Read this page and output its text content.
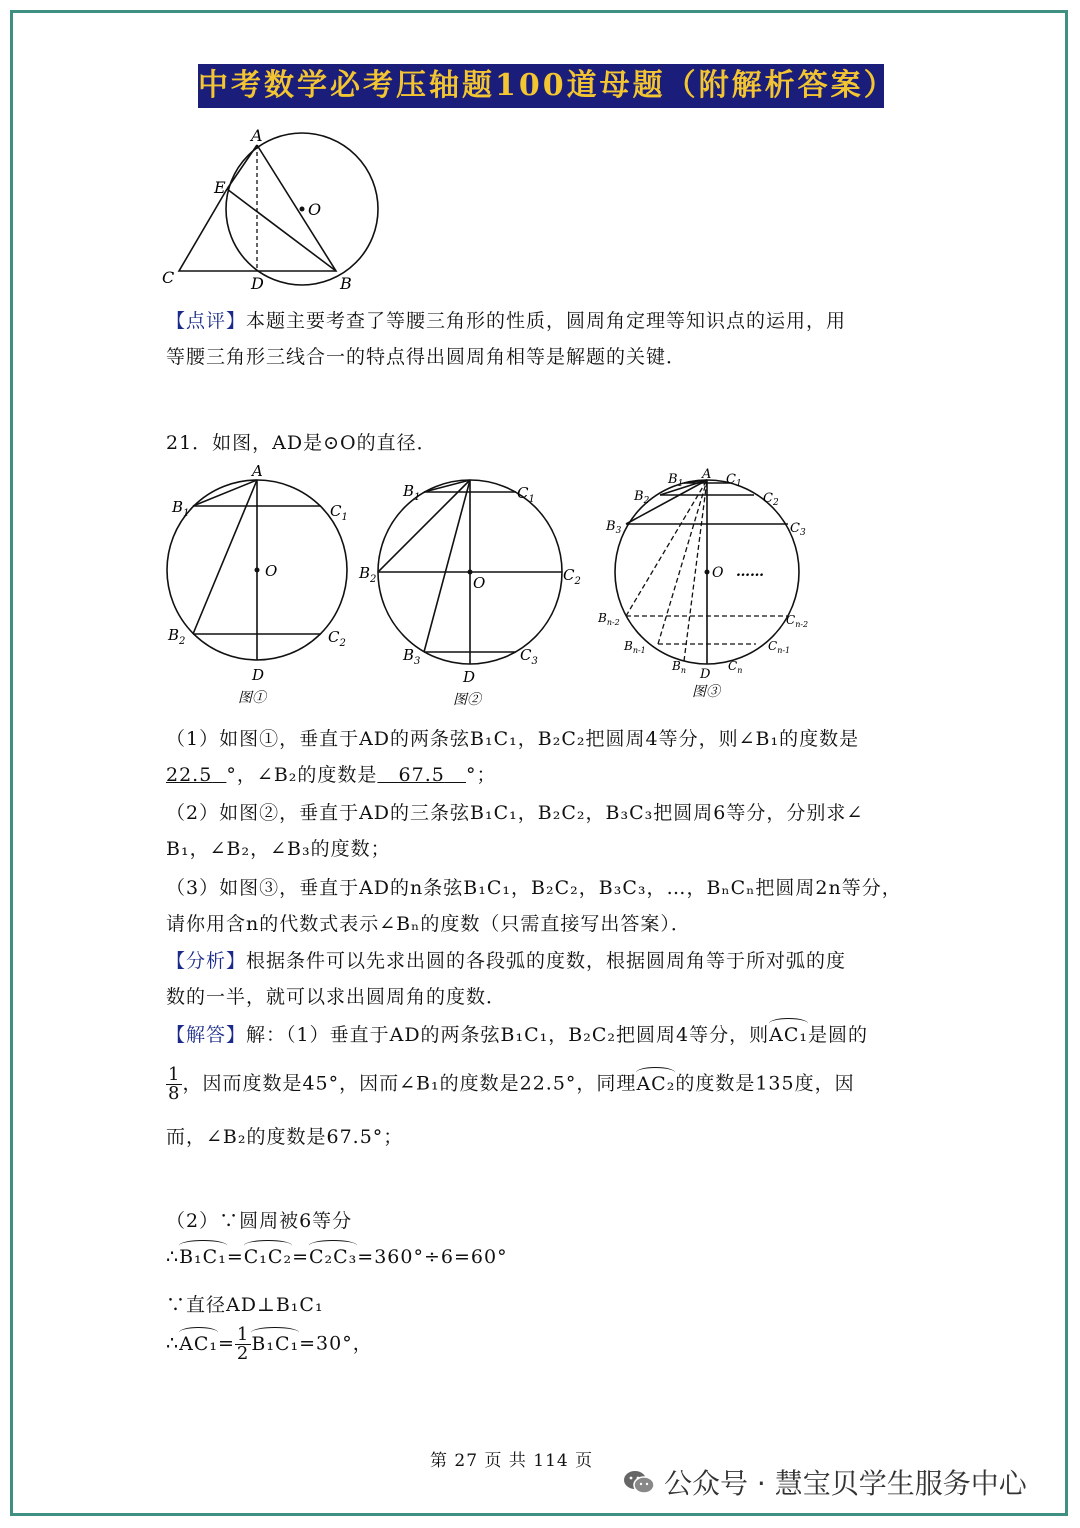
中考数学必考压轴题100道母题（附解析答案）
A
E
O
C	D	B
【点评】本题主要考查了等腰三角形的性质，圆周角定理等知识点的运用，用
等腰三角形三线合一的特点得出圆周角相等是解题的关键．
21．如图，AD是⊙O的直径．
A
$B_1$	$C_1$
O
$B_2$	$C_2$
D
图①
$B_1$	$C_1$
$B_2$	$C_2$
O
$B_3$	$C_3$
D
图②
$B_1$
A $C_1$
$B_2$	$C_2$
$B_3$	$C_3$
O ……
$B_{n-2}$	$C_{n-2}$
$B_{n-1}$	$C_{n-1}$
$B_n$ D
$C_n$
图③
（1）如图①，垂直于AD的两条弦B₁C₁，B₂C₂把圆周4等分，则∠B₁的度数是
22.5 °，∠B₂的度数是 67.5 °；
（2）如图②，垂直于AD的三条弦B₁C₁，B₂C₂，B₃C₃把圆周6等分，分别求∠
B₁，∠B₂，∠B₃的度数；
（3）如图③，垂直于AD的n条弦B₁C₁，B₂C₂，B₃C₃，…，BₙCₙ把圆周2n等分，
请你用含n的代数式表示∠Bₙ的度数（只需直接写出答案）．
【分析】根据条件可以先求出圆的各段弧的度数，根据圆周角等于所对弧的度
数的一半，就可以求出圆周角的度数．
【解答】解：（1）垂直于AD的两条弦B₁C₁，B₂C₂把圆周4等分，则AC₁是圆的
$\frac{1}{8}$ ，因而度数是45°，因而∠B₁的度数是22.5°，同理AC₂的度数是135度，因
而，∠B₂的度数是67.5°；
（2）∵圆周被6等分
∴B₁C₁=C₁C₂=C₂C₃=360°÷6=60°
∵直径AD⊥B₁C₁
∴AC₁= $\frac{1}{2} B_1C_1=30^\circ$，
第 27 页 共 114 页
公众号 · 慧宝贝学生服务中心
